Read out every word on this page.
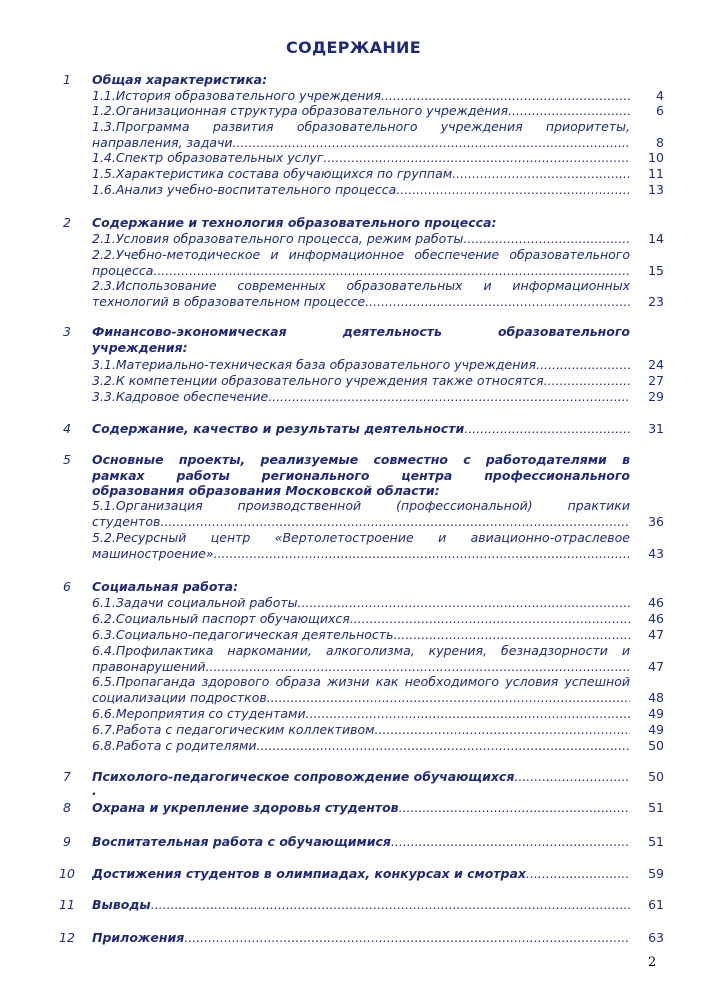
СОДЕРЖАНИЕ
1	Общая характеристика:
1.1.История образовательного учреждения .....	4
1.2.Оганизационная структура образовательного учреждения .....	6
1.3.Программа развития образовательного учреждения приоритеты,
направления, задачи .....	8
1.4.Спектр образовательных услуг .....	10
1.5.Характеристика состава обучающихся по группам .....	11
1.6.Анализ учебно-воспитательного процесса .....	13
2	Содержание и технология образовательного процесса:
2.1.Условия образовательного процесса, режим работы .....	14
2.2.Учебно-методическое и информационное обеспечение образовательного
процесса .....	15
2.3.Использование современных образовательных и информационных
технологий в образовательном процессе .....	23
3	Финансово-экономическая	деятельность	образовательного
учреждения:
3.1.Материально-техническая база образовательного учреждения .....	24
3.2.К компетенции образовательного учреждения также относятся .....	27
3.3.Кадровое обеспечение .....	29
4	Содержание, качество и результаты деятельности .....	31
5	Основные проекты, реализуемые совместно с работодателями в
рамках	работы	регионального	центра	профессионального
образования образования Московской области:
5.1.Организация	производственной	(профессиональной)	практики
студентов .....	36
5.2.Ресурсный центр «Вертолетостроение и авиационно-отраслевое
машиностроение» .....	43
6	Социальная работа:
6.1.Задачи социальной работы .....	46
6.2.Социальный паспорт обучающихся .....	46
6.3.Социально-педагогическая деятельность .....	47
6.4.Профилактика наркомании, алкоголизма, курения, безнадзорности и
правонарушений .....	47
6.5.Пропаганда здорового образа жизни как необходимого условия успешной
социализации подростков .....	48
6.6.Мероприятия со студентами .....	49
6.7.Работа с педагогическим коллективом .....	49
6.8.Работа с родителями .....	50
7	Психолого-педагогическое сопровождение обучающихся .....	50
.
8	Охрана и укрепление здоровья студентов .....	51
9	Воспитательная работа с обучающимися .....	51
10	Достижения студентов в олимпиадах, конкурсах и смотрах .....	59
11	Выводы .....	61
12	Приложения .....	63
2
